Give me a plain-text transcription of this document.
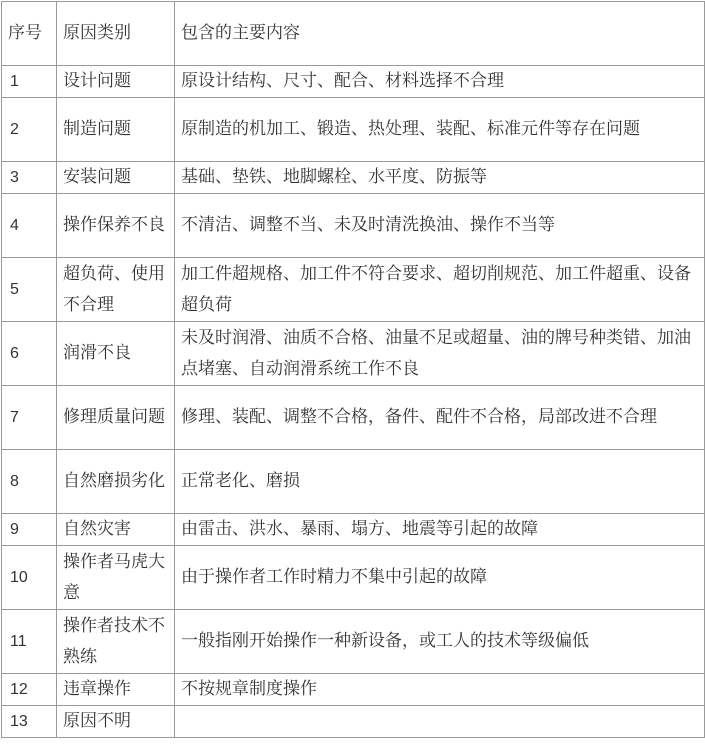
序号	原因类别	包含的主要内容
1	设计问题	原设计结构、尺寸、配合、材料选择不合理
2	制造问题	原制造的机加工、锻造、热处理、装配、标准元件等存在问题
3	安装问题	基础、垫铁、地脚螺栓、水平度、防振等
4	操作保养不良	不清洁、调整不当、未及时清洗换油、操作不当等
5	超负荷、使用不合理	加工件超规格、加工件不符合要求、超切削规范、加工件超重、设备超负荷
6	润滑不良	未及时润滑、油质不合格、油量不足或超量、油的牌号种类错、加油点堵塞、自动润滑系统工作不良
7	修理质量问题	修理、装配、调整不合格，备件、配件不合格，局部改进不合理
8	自然磨损劣化	正常老化、磨损
9	自然灾害	由雷击、洪水、暴雨、塌方、地震等引起的故障
10	操作者马虎大意	由于操作者工作时精力不集中引起的故障
11	操作者技术不熟练	一般指刚开始操作一种新设备，或工人的技术等级偏低
12	违章操作	不按规章制度操作
13	原因不明	
